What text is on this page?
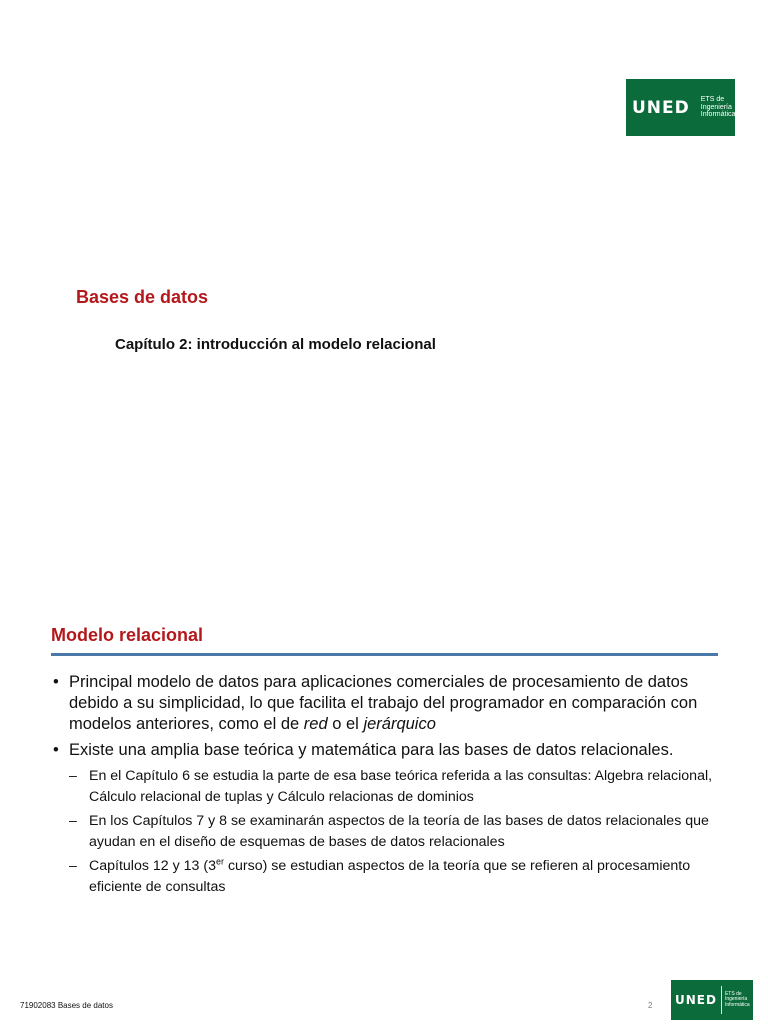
UNED ETS de
Ingeniería
Informática
Bases de datos
Capítulo 2: introducción al modelo relacional
Modelo relacional
• Principal modelo de datos para aplicaciones comerciales de procesamiento de datos debido a su simplicidad, lo que facilita el trabajo del programador en comparación con modelos anteriores, como el de red o el jerárquico
• Existe una amplia base teórica y matemática para las bases de datos relacionales.
– En el Capítulo 6 se estudia la parte de esa base teórica referida a las consultas: Algebra relacional, Cálculo relacional de tuplas y Cálculo relacionas de dominios
– En los Capítulos 7 y 8 se examinarán aspectos de la teoría de las bases de datos relacionales que ayudan en el diseño de esquemas de bases de datos relacionales
– Capítulos 12 y 13 (3er curso) se estudian aspectos de la teoría que se refieren al procesamiento eficiente de consultas

71902083 Bases de datos	2 UNED ETS de
Ingeniería
Informática
